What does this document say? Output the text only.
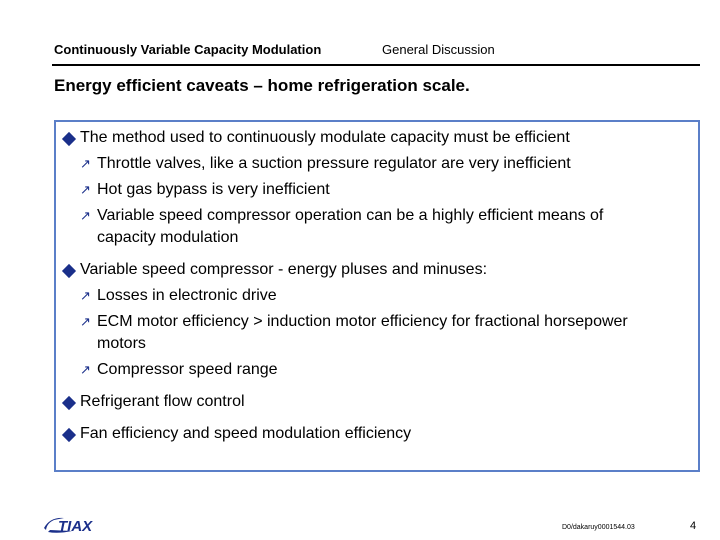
Continuously Variable Capacity Modulation	General Discussion
Energy efficient caveats – home refrigeration scale.
The method used to continuously modulate capacity must be efficient
↗ Throttle valves, like a suction pressure regulator are very inefficient
↗ Hot gas bypass is very inefficient
↗ Variable speed compressor operation can be a highly efficient means of
capacity modulation
Variable speed compressor - energy pluses and minuses:
↗ Losses in electronic drive
↗ ECM motor efficiency > induction motor efficiency for fractional horsepower
motors
↗ Compressor speed range
Refrigerant flow control
Fan efficiency and speed modulation efficiency
TIAX	D0/dakaruy0001544.03	4
